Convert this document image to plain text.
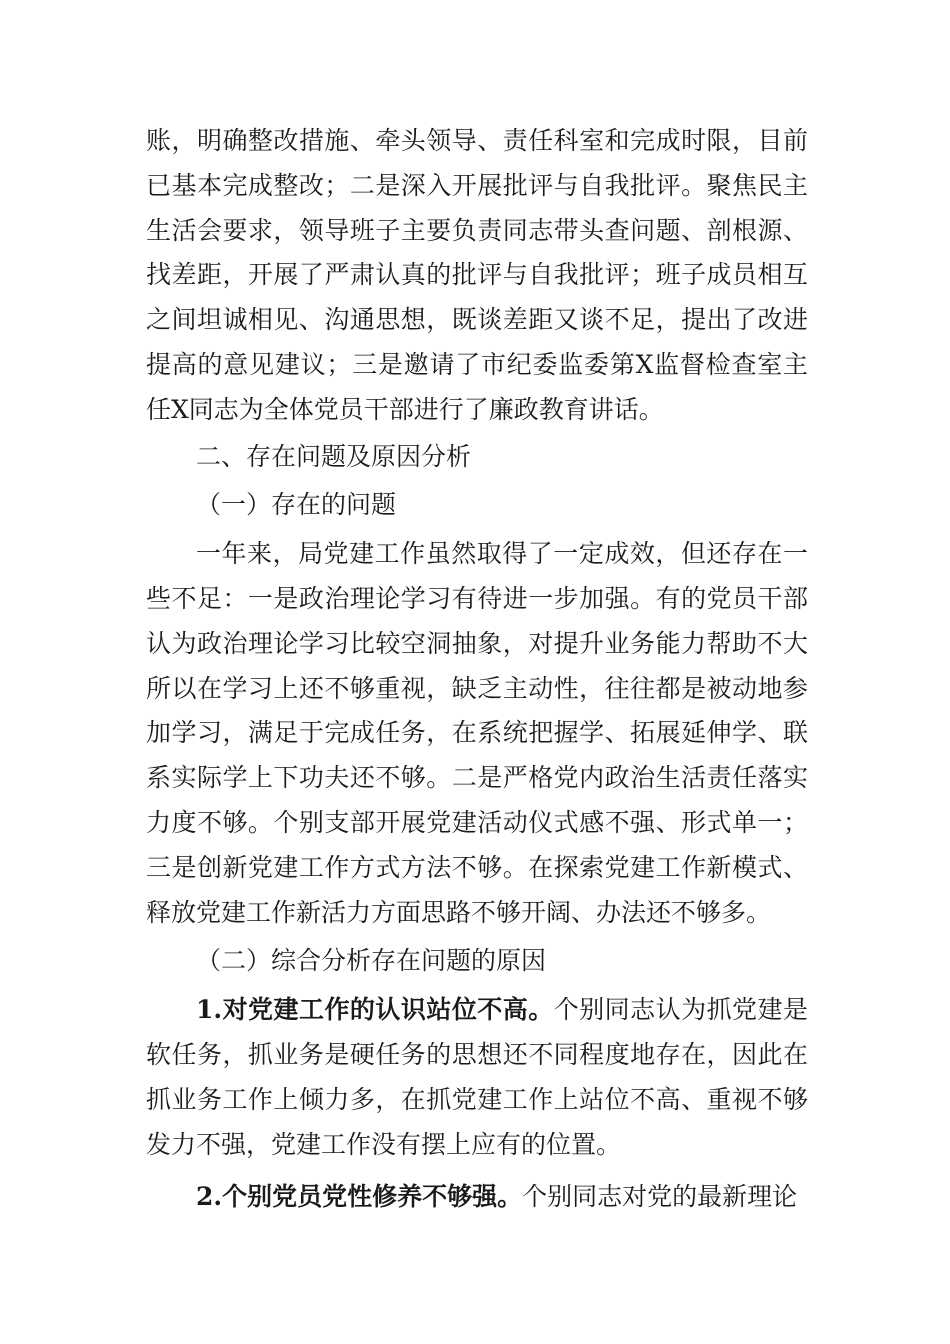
账，明确整改措施、牵头领导、责任科室和完成时限，目前已基本完成整改；二是深入开展批评与自我批评。聚焦民主生活会要求，领导班子主要负责同志带头查问题、剖根源、找差距，开展了严肃认真的批评与自我批评；班子成员相互之间坦诚相见、沟通思想，既谈差距又谈不足，提出了改进提高的意见建议；三是邀请了市纪委监委第X监督检查室主任X同志为全体党员干部进行了廉政教育讲话。

二、存在问题及原因分析

（一）存在的问题

一年来，局党建工作虽然取得了一定成效，但还存在一些不足：一是政治理论学习有待进一步加强。有的党员干部认为政治理论学习比较空洞抽象，对提升业务能力帮助不大所以在学习上还不够重视，缺乏主动性，往往都是被动地参加学习，满足于完成任务，在系统把握学、拓展延伸学、联系实际学上下功夫还不够。二是严格党内政治生活责任落实力度不够。个别支部开展党建活动仪式感不强、形式单一；三是创新党建工作方式方法不够。在探索党建工作新模式、释放党建工作新活力方面思路不够开阔、办法还不够多。

（二）综合分析存在问题的原因

1.对党建工作的认识站位不高。个别同志认为抓党建是软任务，抓业务是硬任务的思想还不同程度地存在，因此在抓业务工作上倾力多，在抓党建工作上站位不高、重视不够发力不强，党建工作没有摆上应有的位置。

2.个别党员党性修养不够强。个别同志对党的最新理论
